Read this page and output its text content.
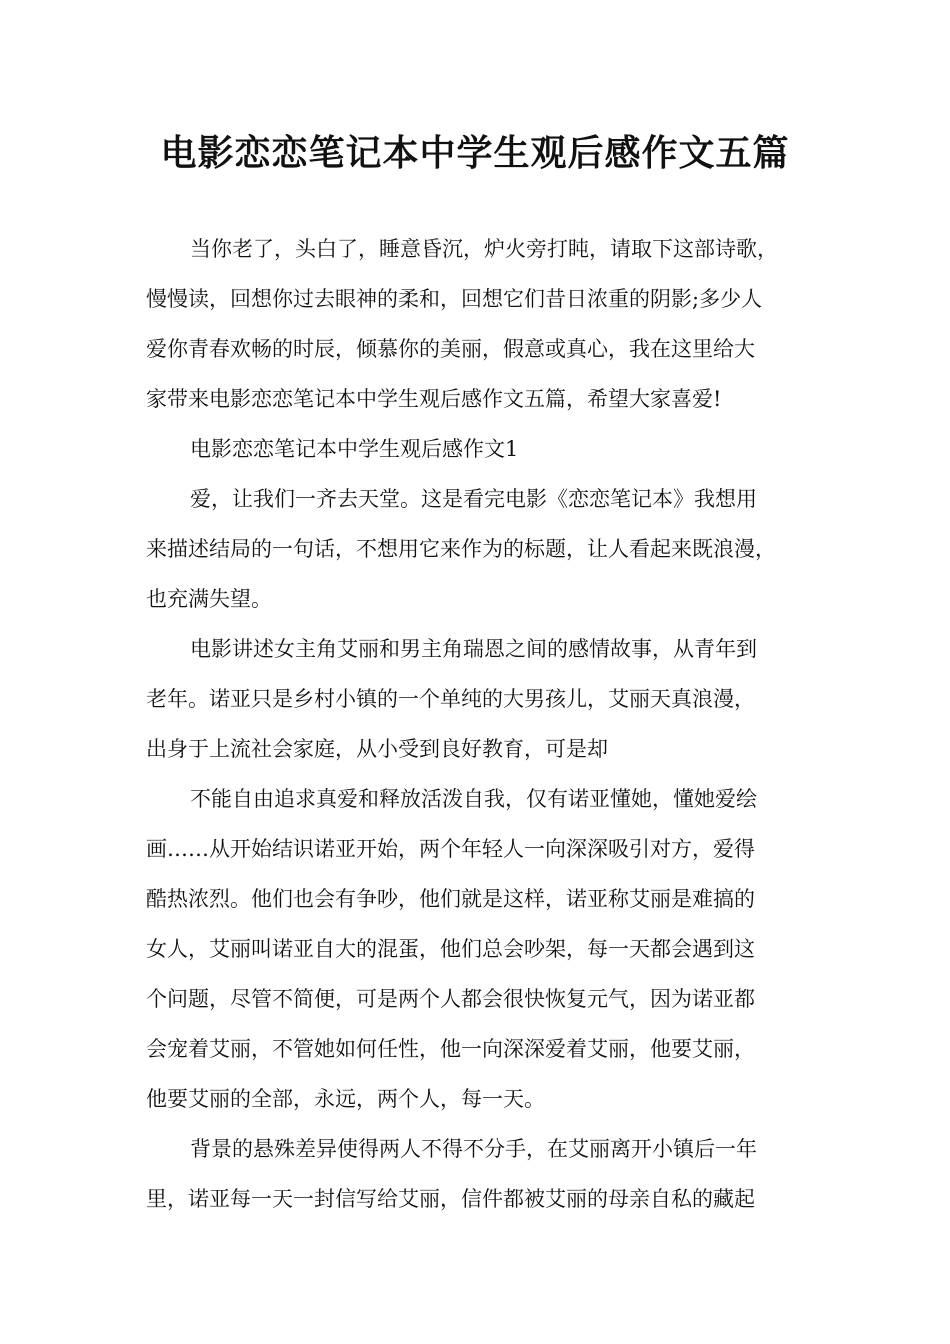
电影恋恋笔记本中学生观后感作文五篇

当你老了，头白了，睡意昏沉，炉火旁打盹，请取下这部诗歌，

慢慢读，回想你过去眼神的柔和，回想它们昔日浓重的阴影;多少人

爱你青春欢畅的时辰，倾慕你的美丽，假意或真心，我在这里给大

家带来电影恋恋笔记本中学生观后感作文五篇，希望大家喜爱!

电影恋恋笔记本中学生观后感作文1

爱，让我们一齐去天堂。这是看完电影《恋恋笔记本》我想用

来描述结局的一句话，不想用它来作为的标题，让人看起来既浪漫，

也充满失望。

电影讲述女主角艾丽和男主角瑞恩之间的感情故事，从青年到

老年。诺亚只是乡村小镇的一个单纯的大男孩儿，艾丽天真浪漫，

出身于上流社会家庭，从小受到良好教育，可是却

不能自由追求真爱和释放活泼自我，仅有诺亚懂她，懂她爱绘

画……从开始结识诺亚开始，两个年轻人一向深深吸引对方，爱得

酷热浓烈。他们也会有争吵，他们就是这样，诺亚称艾丽是难搞的

女人，艾丽叫诺亚自大的混蛋，他们总会吵架，每一天都会遇到这

个问题，尽管不简便，可是两个人都会很快恢复元气，因为诺亚都

会宠着艾丽，不管她如何任性，他一向深深爱着艾丽，他要艾丽，

他要艾丽的全部，永远，两个人，每一天。

背景的悬殊差异使得两人不得不分手，在艾丽离开小镇后一年

里，诺亚每一天一封信写给艾丽，信件都被艾丽的母亲自私的藏起
